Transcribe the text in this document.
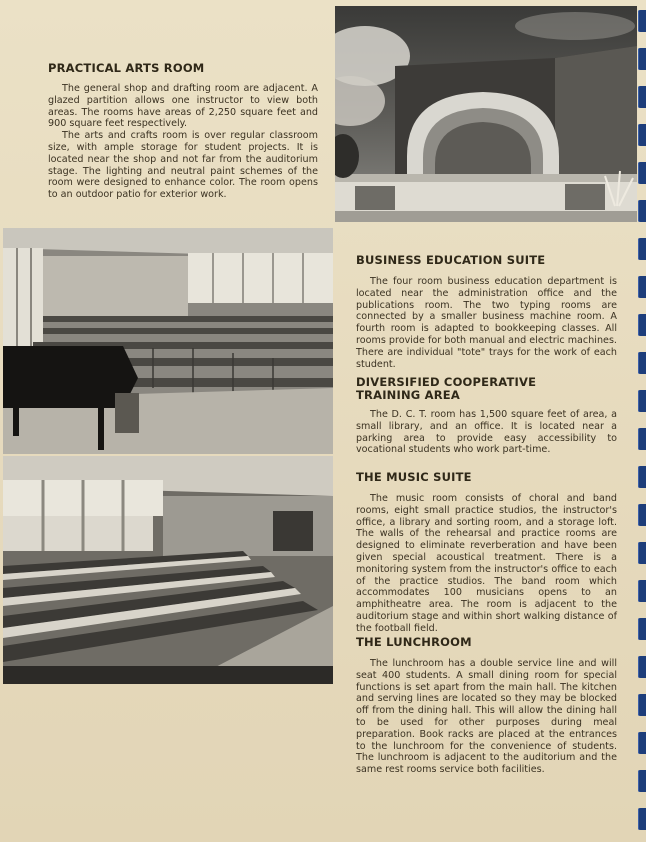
PRACTICAL ARTS ROOM

The general shop and drafting room are adjacent. A glazed partition allows one instructor to view both areas. The rooms have areas of 2,250 square feet and 900 square feet respectively.

The arts and crafts room is over regular classroom size, with ample storage for student projects. It is located near the shop and not far from the auditorium stage. The lighting and neutral paint schemes of the room were designed to enhance color. The room opens to an outdoor patio for exterior work.

BUSINESS EDUCATION SUITE

The four room business education department is located near the administration office and the publications room. The two typing rooms are connected by a smaller business machine room. A fourth room is adapted to bookkeeping classes. All rooms provide for both manual and electric machines. There are individual "tote" trays for the work of each student.

DIVERSIFIED COOPERATIVE
TRAINING AREA

The D. C. T. room has 1,500 square feet of area, a small library, and an office. It is located near a parking area to provide easy accessibility to vocational students who work part-time.

THE MUSIC SUITE

The music room consists of choral and band rooms, eight small practice studios, the instructor's office, a library and sorting room, and a storage loft. The walls of the rehearsal and practice rooms are designed to eliminate reverberation and have been given special acoustical treatment. There is a monitoring system from the instructor's office to each of the practice studios. The band room which accommodates 100 musicians opens to an amphitheatre area. The room is adjacent to the auditorium stage and within short walking distance of the football field.

THE LUNCHROOM

The lunchroom has a double service line and will seat 400 students. A small dining room for special functions is set apart from the main hall. The kitchen and serving lines are located so they may be blocked off from the dining hall. This will allow the dining hall to be used for other purposes during meal preparation. Book racks are placed at the entrances to the lunchroom for the convenience of students. The lunchroom is adjacent to the auditorium and the same rest rooms service both facilities.
